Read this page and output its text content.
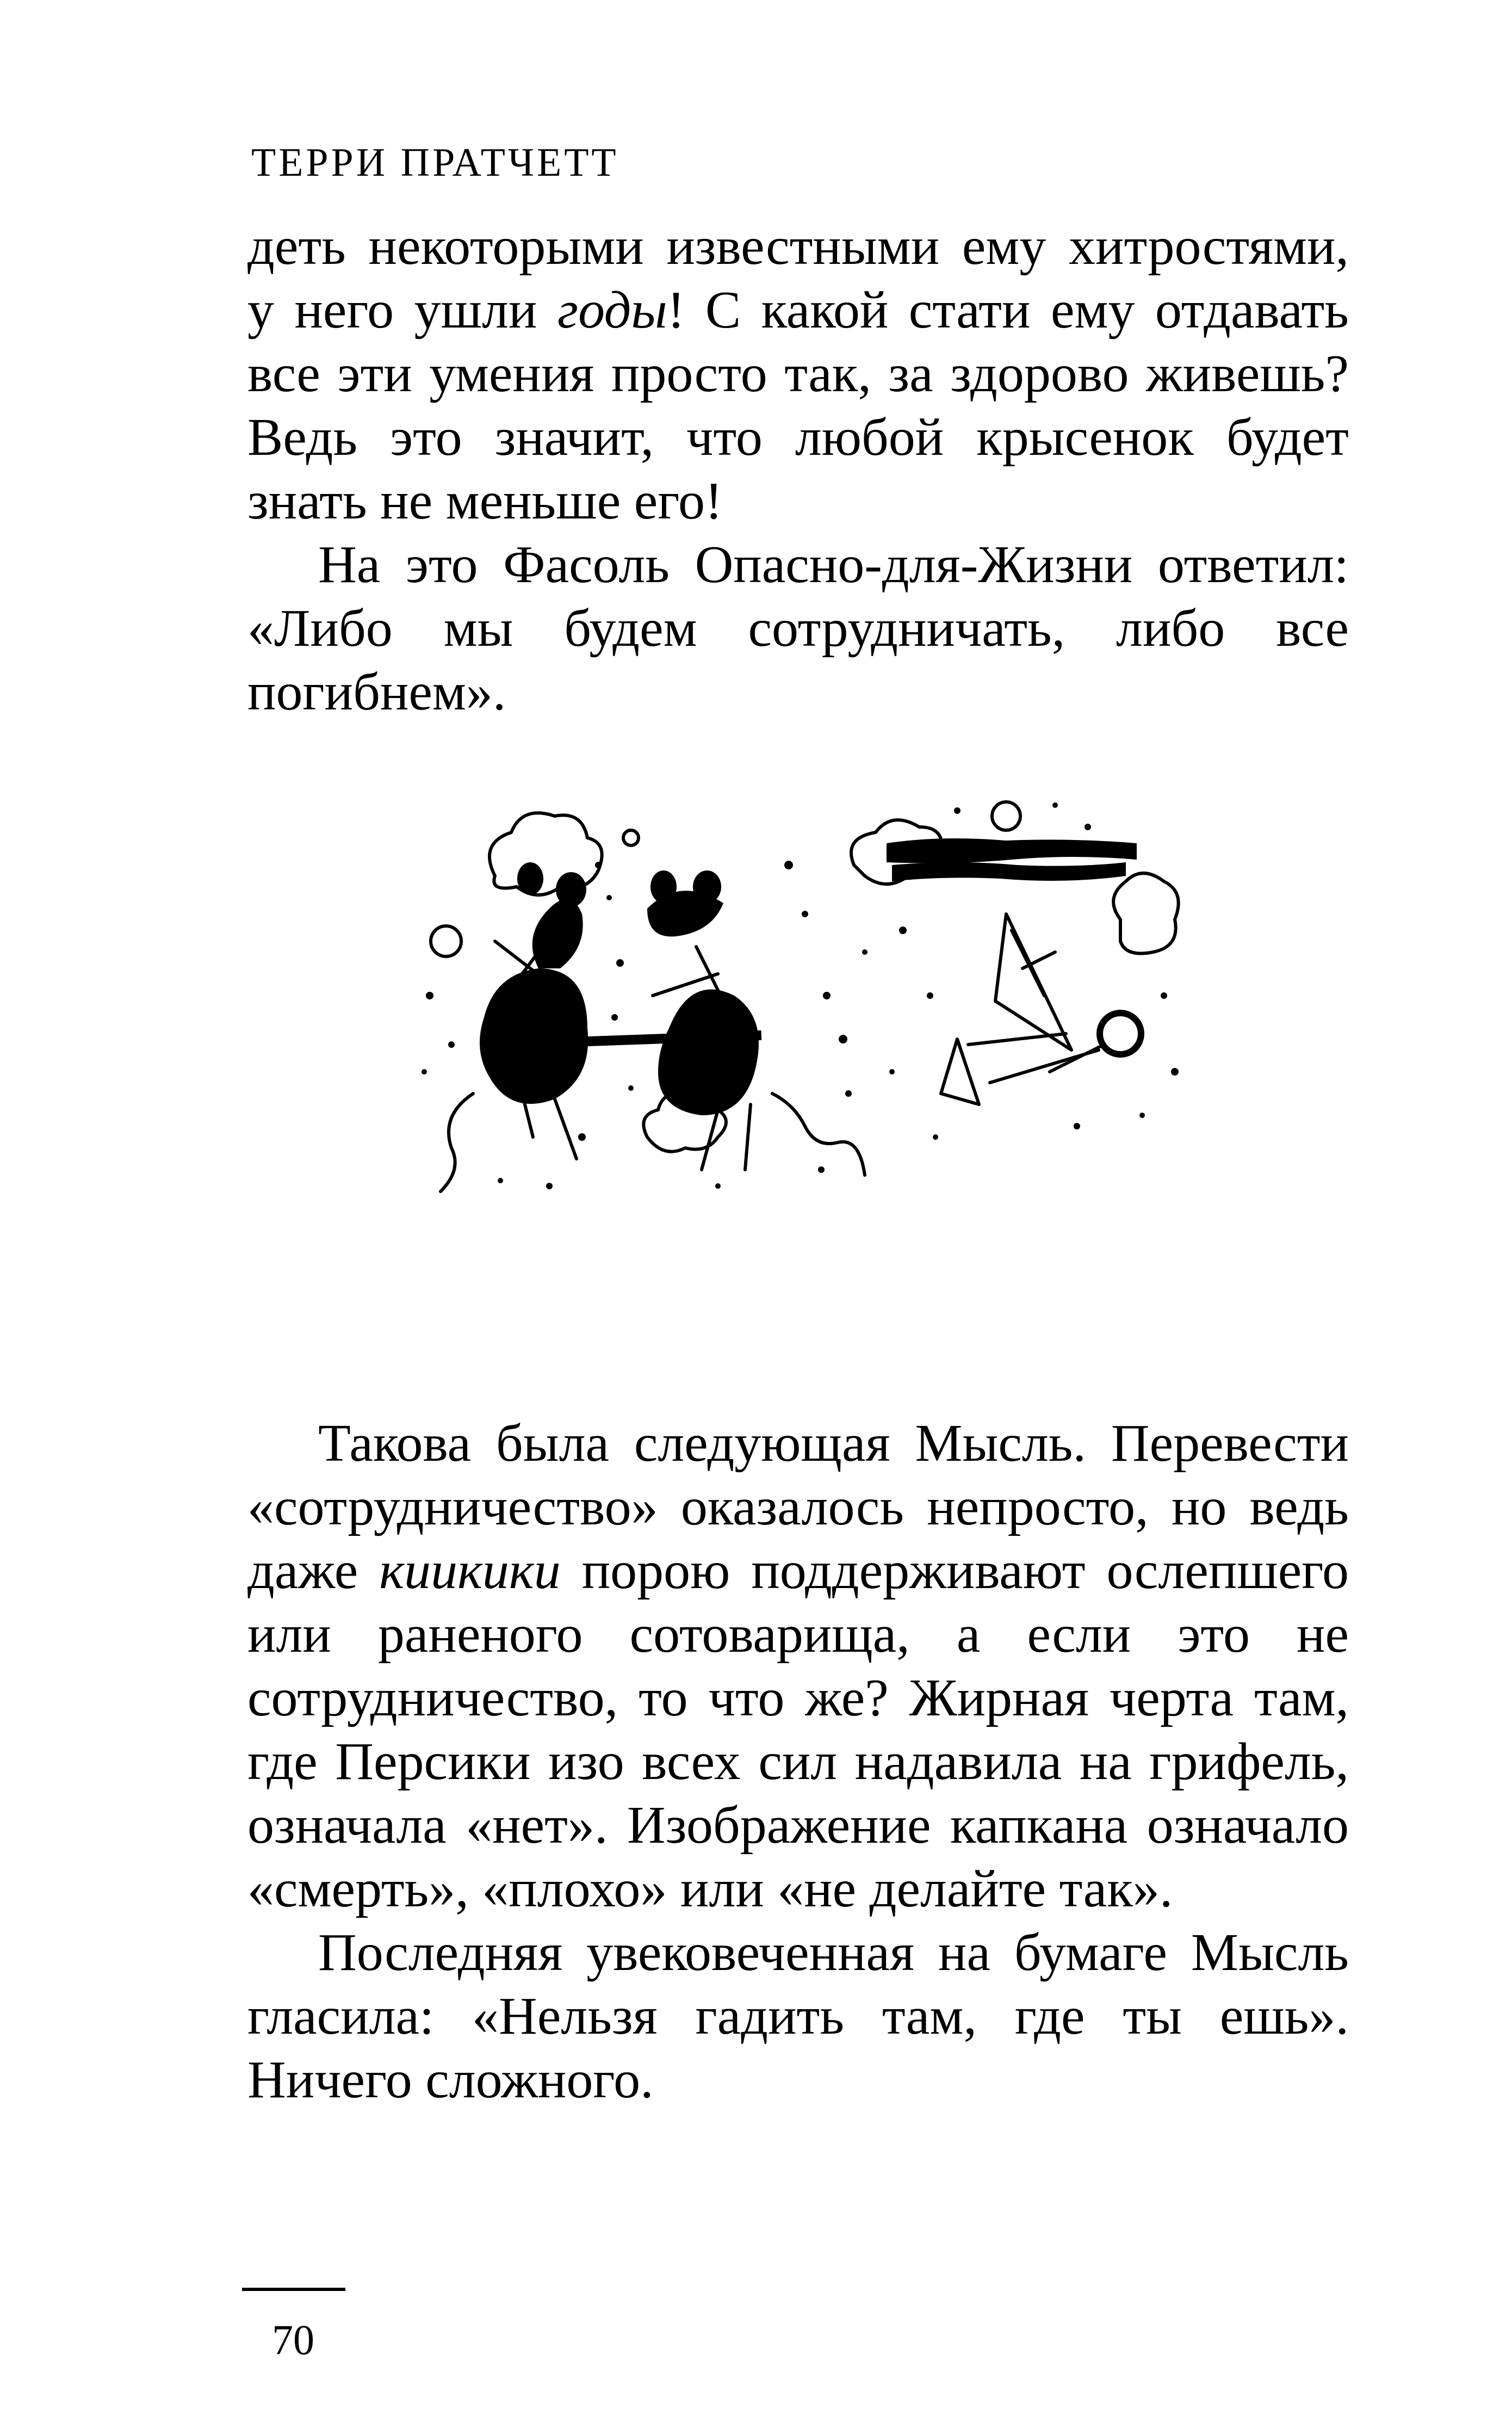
ТЕРРИ ПРАТЧЕТТ

деть некоторыми известными ему хитростями, у него ушли годы! С какой стати ему отдавать все эти умения просто так, за здорово живешь? Ведь это значит, что любой крысенок будет знать не меньше его!

На это Фасоль Опасно-для-Жизни ответил: «Либо мы будем сотрудничать, либо все погибнем».

Такова была следующая Мысль. Перевести «сотрудничество» оказалось непросто, но ведь даже киикики порою поддерживают ослепшего или раненого сотоварища, а если это не сотрудничество, то что же? Жирная черта там, где Персики изо всех сил надавила на грифель, означала «нет». Изображение капкана означало «смерть», «плохо» или «не делайте так».

Последняя увековеченная на бумаге Мысль гласила: «Нельзя гадить там, где ты ешь». Ничего сложного.

70
